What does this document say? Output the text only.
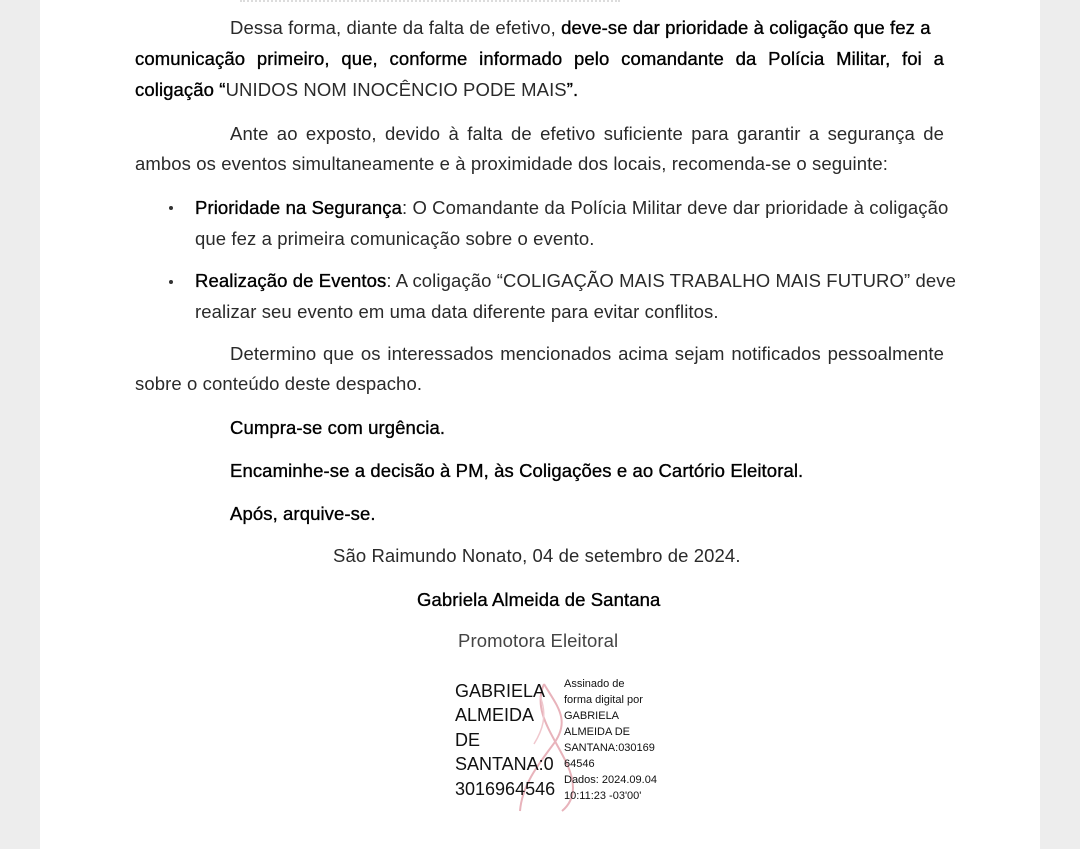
Dessa forma, diante da falta de efetivo, deve-se dar prioridade à coligação que fez a
comunicação primeiro, que, conforme informado pelo comandante da Polícia Militar, foi a
coligação “UNIDOS NOM INOCÊNCIO PODE MAIS”.
Ante ao exposto, devido à falta de efetivo suficiente para garantir a segurança de
ambos os eventos simultaneamente e à proximidade dos locais, recomenda-se o seguinte:
Prioridade na Segurança: O Comandante da Polícia Militar deve dar prioridade à coligação
que fez a primeira comunicação sobre o evento.
Realização de Eventos: A coligação “COLIGAÇÃO MAIS TRABALHO MAIS FUTURO” deve
realizar seu evento em uma data diferente para evitar conflitos.
Determino que os interessados mencionados acima sejam notificados pessoalmente
sobre o conteúdo deste despacho.
Cumpra-se com urgência.
Encaminhe-se a decisão à PM, às Coligações e ao Cartório Eleitoral.
Após, arquive-se.
São Raimundo Nonato, 04 de setembro de 2024.
Gabriela Almeida de Santana
Promotora Eleitoral
GABRIELA
ALMEIDA
DE
SANTANA:0
3016964546
Assinado de
forma digital por
GABRIELA
ALMEIDA DE
SANTANA:030169
64546
Dados: 2024.09.04
10:11:23 -03'00'
